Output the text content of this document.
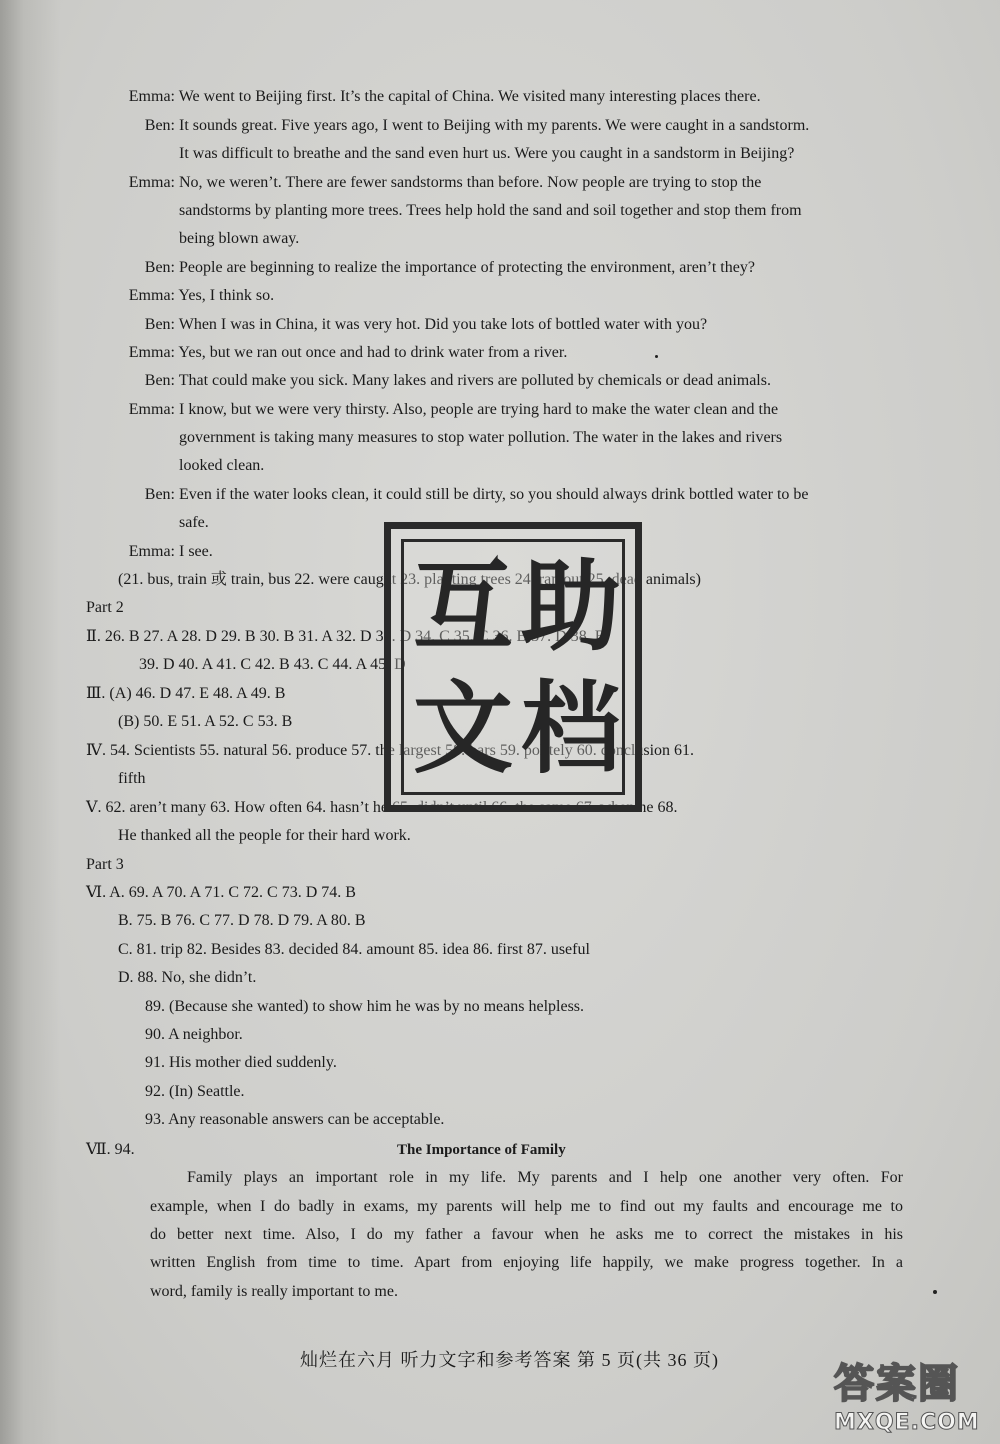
Emma: We went to Beijing first. It’s the capital of China. We visited many interesting places there.
Ben: It sounds great. Five years ago, I went to Beijing with my parents. We were caught in a sandstorm.
It was difficult to breathe and the sand even hurt us. Were you caught in a sandstorm in Beijing?
Emma: No, we weren’t. There are fewer sandstorms than before. Now people are trying to stop the
sandstorms by planting more trees. Trees help hold the sand and soil together and stop them from
being blown away.
Ben: People are beginning to realize the importance of protecting the environment, aren’t they?
Emma: Yes, I think so.
Ben: When I was in China, it was very hot. Did you take lots of bottled water with you?
Emma: Yes, but we ran out once and had to drink water from a river.
Ben: That could make you sick. Many lakes and rivers are polluted by chemicals or dead animals.
Emma: I know, but we were very thirsty. Also, people are trying hard to make the water clean and the
government is taking many measures to stop water pollution. The water in the lakes and rivers
looked clean.
Ben: Even if the water looks clean, it could still be dirty, so you should always drink bottled water to be
safe.
Emma: I see.
(21. bus, train 或 train, bus 22. were caught 23. planting trees 24. ran out 25. dead animals)
Part 2
Ⅱ. 26. B 27. A 28. D 29. B 30. B 31. A 32. D 33. D 34. C 35. C 36. B 37. D 38. B
39. D 40. A 41. C 42. B 43. C 44. A 45. D
Ⅲ. (A) 46. D 47. E 48. A 49. B
(B) 50. E 51. A 52. C 53. B
Ⅳ. 54. Scientists 55. natural 56. produce 57. the largest 58. bars 59. politely 60. conclusion 61.
fifth
Ⅴ. 62. aren’t many 63. How often 64. hasn’t he 65. didn’t until 66. the same 67. when he 68.
He thanked all the people for their hard work.
Part 3
Ⅵ. A. 69. A 70. A 71. C 72. C 73. D 74. B
B. 75. B 76. C 77. D 78. D 79. A 80. B
C. 81. trip 82. Besides 83. decided 84. amount 85. idea 86. first 87. useful
D. 88. No, she didn’t.
89. (Because she wanted) to show him he was by no means helpless.
90. A neighbor.
91. His mother died suddenly.
92. (In) Seattle.
93. Any reasonable answers can be acceptable.
Ⅶ. 94.	The Importance of Family
Family plays an important role in my life. My parents and I help one another very often. For
example, when I do badly in exams, my parents will help me to find out my faults and encourage me to
do better next time. Also, I do my father a favour when he asks me to correct the mistakes in his
written English from time to time. Apart from enjoying life happily, we make progress together. In a
word, family is really important to me.
灿烂在六月 听力文字和参考答案 第 5 页(共 36 页)
互 助
文 档
答案圈
MXQE.COM
